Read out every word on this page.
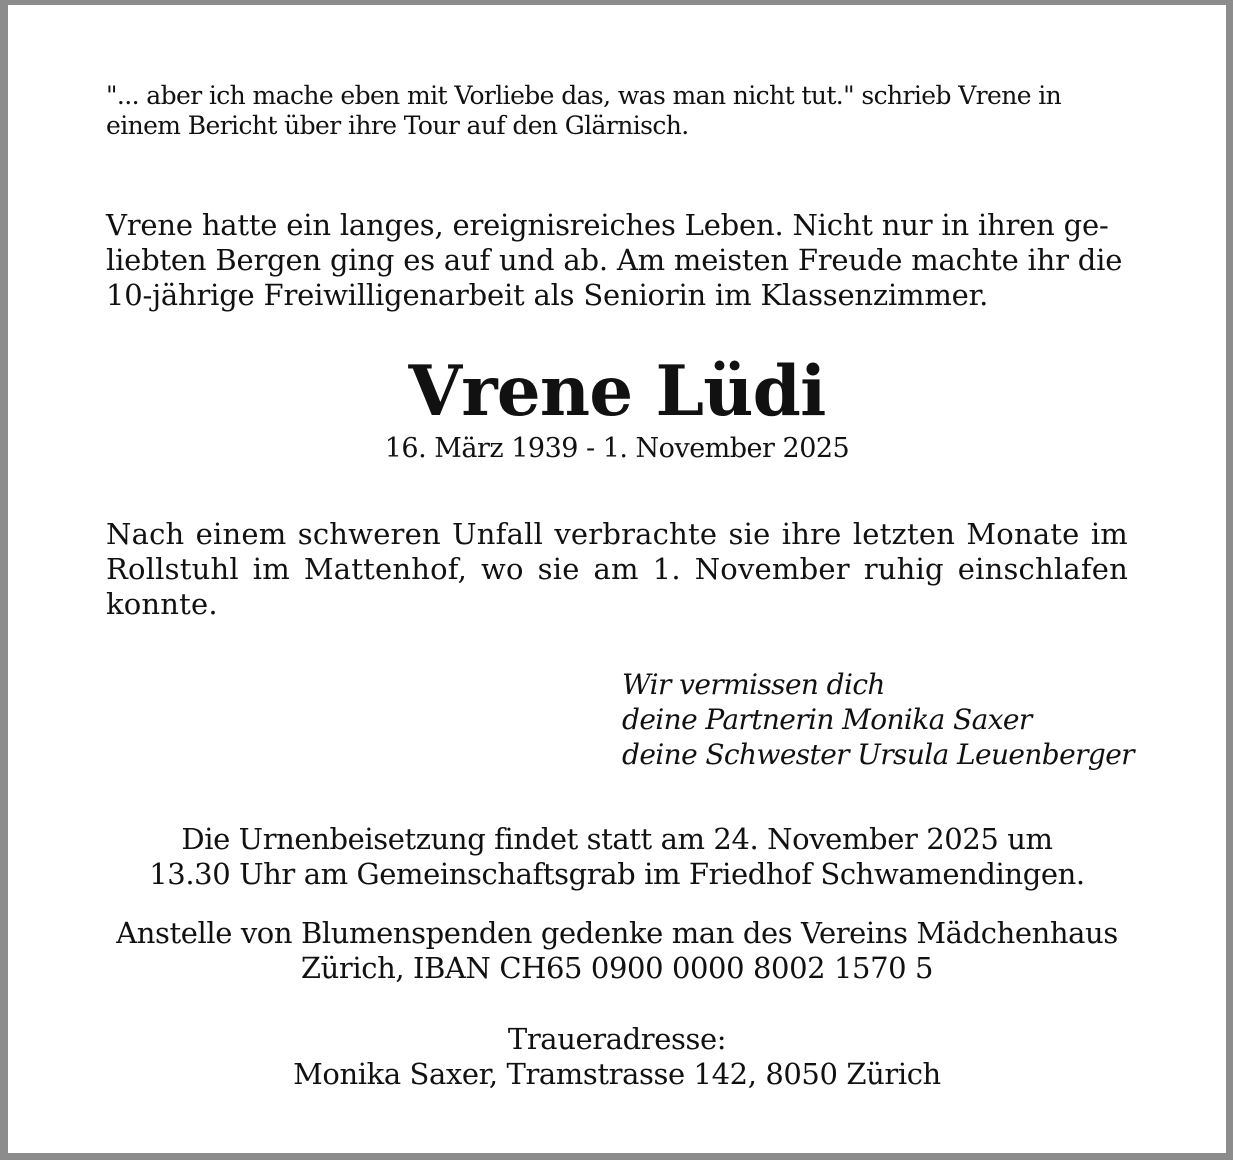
"... aber ich mache eben mit Vorliebe das, was man nicht tut." schrieb Vrene in
einem Bericht über ihre Tour auf den Glärnisch.
Vrene hatte ein langes, ereignisreiches Leben. Nicht nur in ihren ge-
liebten Bergen ging es auf und ab. Am meisten Freude machte ihr die
10-jährige Freiwilligenarbeit als Seniorin im Klassenzimmer.
Vrene Lüdi
16. März 1939 - 1. November 2025
Nach einem schweren Unfall verbrachte sie ihre letzten Monate im
Rollstuhl im Mattenhof, wo sie am 1. November ruhig einschlafen
konnte.
Wir vermissen dich
deine Partnerin Monika Saxer
deine Schwester Ursula Leuenberger
Die Urnenbeisetzung findet statt am 24. November 2025 um
13.30 Uhr am Gemeinschaftsgrab im Friedhof Schwamendingen.
Anstelle von Blumenspenden gedenke man des Vereins Mädchenhaus
Zürich, IBAN CH65 0900 0000 8002 1570 5
Traueradresse:
Monika Saxer, Tramstrasse 142, 8050 Zürich
